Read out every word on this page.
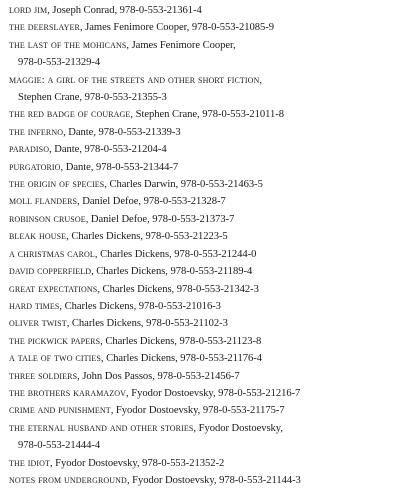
lord jim, Joseph Conrad, 978-0-553-21361-4
the deerslayer, James Fenimore Cooper, 978-0-553-21085-9
the last of the mohicans, James Fenimore Cooper,
978-0-553-21329-4
maggie: a girl of the streets and other short fiction,
Stephen Crane, 978-0-553-21355-3
the red badge of courage, Stephen Crane, 978-0-553-21011-8
the inferno, Dante, 978-0-553-21339-3
paradiso, Dante, 978-0-553-21204-4
purgatorio, Dante, 978-0-553-21344-7
the origin of species, Charles Darwin, 978-0-553-21463-5
moll flanders, Daniel Defoe, 978-0-553-21328-7
robinson crusoe, Daniel Defoe, 978-0-553-21373-7
bleak house, Charles Dickens, 978-0-553-21223-5
a christmas carol, Charles Dickens, 978-0-553-21244-0
david copperfield, Charles Dickens, 978-0-553-21189-4
great expectations, Charles Dickens, 978-0-553-21342-3
hard times, Charles Dickens, 978-0-553-21016-3
oliver twist, Charles Dickens, 978-0-553-21102-3
the pickwick papers, Charles Dickens, 978-0-553-21123-8
a tale of two cities, Charles Dickens, 978-0-553-21176-4
three soldiers, John Dos Passos, 978-0-553-21456-7
the brothers karamazov, Fyodor Dostoevsky, 978-0-553-21216-7
crime and punishment, Fyodor Dostoevsky, 978-0-553-21175-7
the eternal husband and other stories, Fyodor Dostoevsky,
978-0-553-21444-4
the idiot, Fyodor Dostoevsky, 978-0-553-21352-2
notes from underground, Fyodor Dostoevsky, 978-0-553-21144-3
